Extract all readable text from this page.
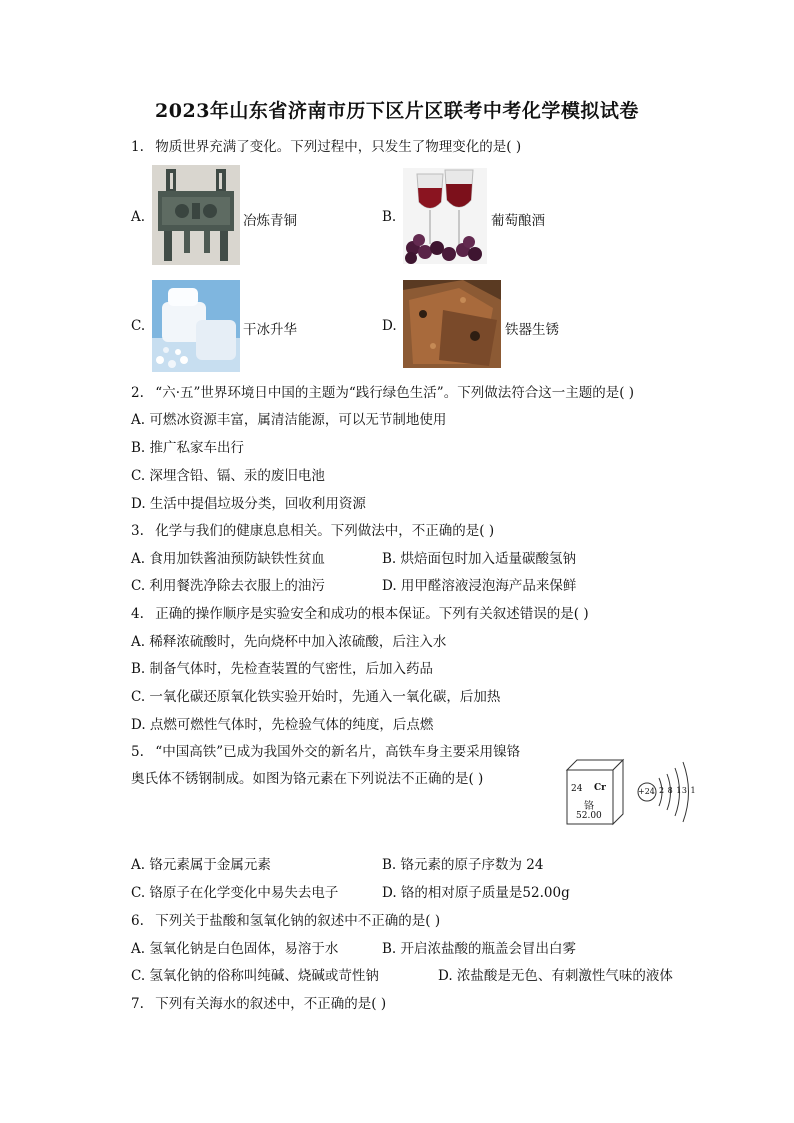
2023年山东省济南市历下区片区联考中考化学模拟试卷
1. 物质世界充满了变化。下列过程中，只发生了物理变化的是( )
A.	冶炼青铜	B.	葡萄酿酒
C.	干冰升华	D.	铁器生锈
2. “六·五”世界环境日中国的主题为“践行绿色生活”。下列做法符合这一主题的是( )
A. 可燃冰资源丰富，属清洁能源，可以无节制地使用
B. 推广私家车出行
C. 深埋含铅、镉、汞的废旧电池
D. 生活中提倡垃圾分类，回收利用资源
3. 化学与我们的健康息息相关。下列做法中，不正确的是( )
A. 食用加铁酱油预防缺铁性贫血	B. 烘焙面包时加入适量碳酸氢钠
C. 利用餐洗净除去衣服上的油污	D. 用甲醛溶液浸泡海产品来保鲜
4. 正确的操作顺序是实验安全和成功的根本保证。下列有关叙述错误的是( )
A. 稀释浓硫酸时，先向烧杯中加入浓硫酸，后注入水
B. 制备气体时，先检查装置的气密性，后加入药品
C. 一氧化碳还原氧化铁实验开始时，先通入一氧化碳，后加热
D. 点燃可燃性气体时，先检验气体的纯度，后点燃
5. “中国高铁”已成为我国外交的新名片，高铁车身主要采用镍铬
奥氏体不锈钢制成。如图为铬元素在下列说法不正确的是( )
24 Cr
铬
52.00
+24 2 8 13 1
A. 铬元素属于金属元素	B. 铬元素的原子序数为 24
C. 铬原子在化学变化中易失去电子	D. 铬的相对原子质量是52.00g
6. 下列关于盐酸和氢氧化钠的叙述中不正确的是( )
A. 氢氧化钠是白色固体，易溶于水	B. 开启浓盐酸的瓶盖会冒出白雾
C. 氢氧化钠的俗称叫纯碱、烧碱或苛性钠	D. 浓盐酸是无色、有刺激性气味的液体
7. 下列有关海水的叙述中，不正确的是( )
